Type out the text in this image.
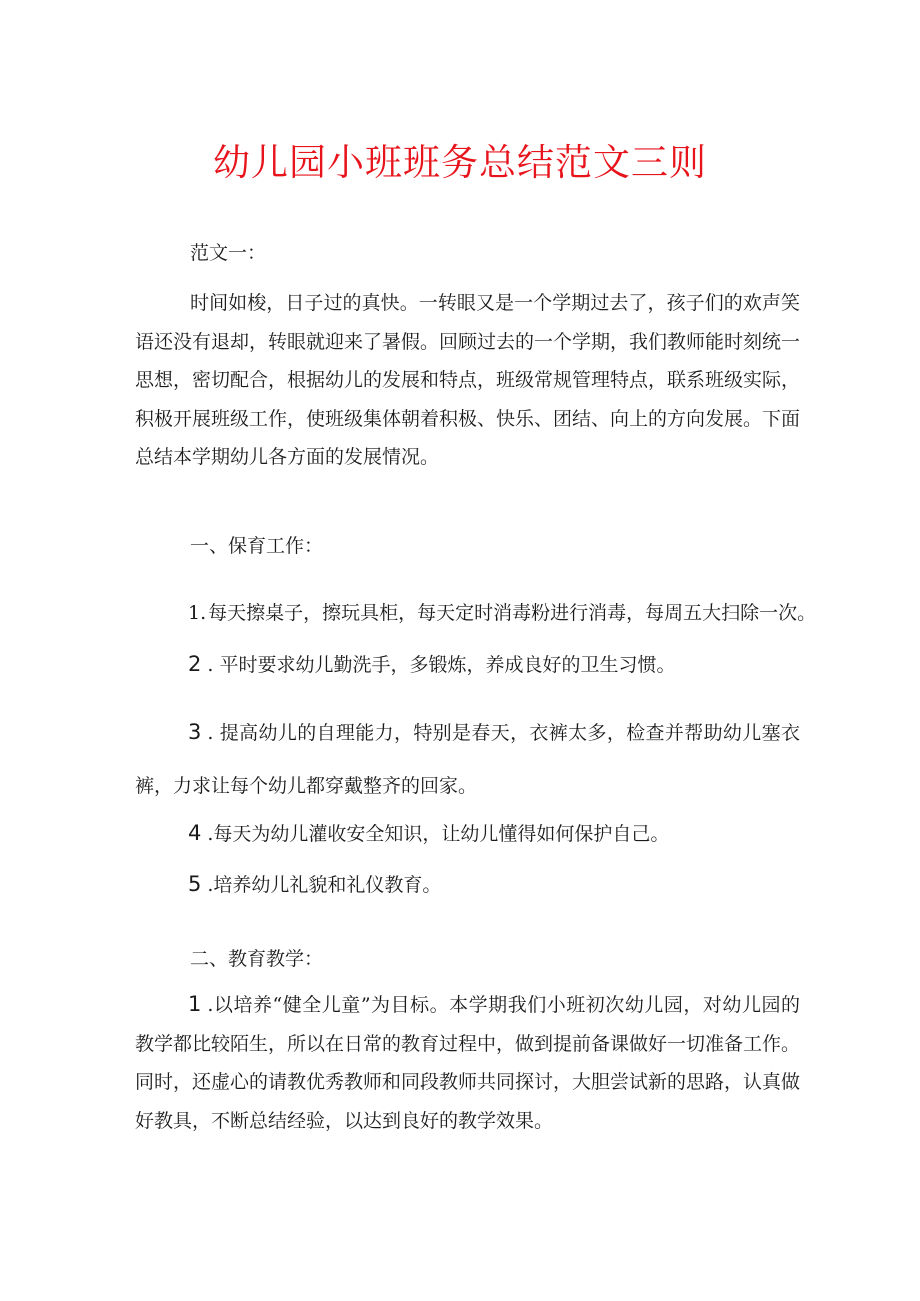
幼儿园小班班务总结范文三则

范文一：

时间如梭，日子过的真快。一转眼又是一个学期过去了，孩子们的欢声笑语还没有退却，转眼就迎来了暑假。回顾过去的一个学期，我们教师能时刻统一思想，密切配合，根据幼儿的发展和特点，班级常规管理特点，联系班级实际，积极开展班级工作，使班级集体朝着积极、快乐、团结、向上的方向发展。下面总结本学期幼儿各方面的发展情况。

一、保育工作：

1. 每天擦桌子，擦玩具柜，每天定时消毒粉进行消毒，每周五大扫除一次。

2 . 平时要求幼儿勤洗手，多锻炼，养成良好的卫生习惯。

3 . 提高幼儿的自理能力，特别是春天，衣裤太多，检查并帮助幼儿塞衣裤，力求让每个幼儿都穿戴整齐的回家。

4 .每天为幼儿灌收安全知识，让幼儿懂得如何保护自己。

5 .培养幼儿礼貌和礼仪教育。

二、教育教学：

1 .以培养“健全儿童”为目标。本学期我们小班初次幼儿园，对幼儿园的教学都比较陌生，所以在日常的教育过程中，做到提前备课做好一切准备工作。同时，还虚心的请教优秀教师和同段教师共同探讨，大胆尝试新的思路，认真做好教具，不断总结经验，以达到良好的教学效果。
